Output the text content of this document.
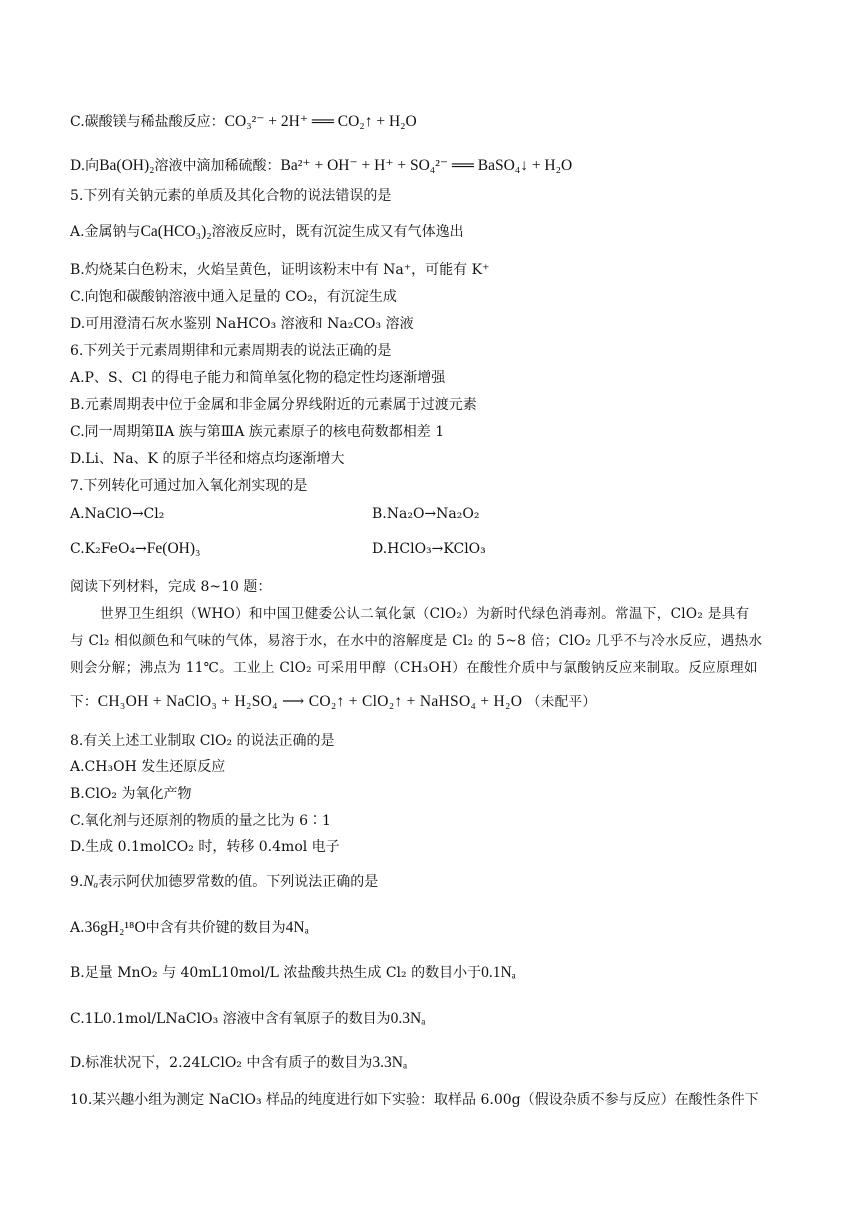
C.碳酸镁与稀盐酸反应：CO₃²⁻ + 2H⁺ ══ CO₂↑ + H₂O
D.向Ba(OH)₂溶液中滴加稀硫酸：Ba²⁺ + OH⁻ + H⁺ + SO₄²⁻ ══ BaSO₄↓ + H₂O
5.下列有关钠元素的单质及其化合物的说法错误的是
A.金属钠与Ca(HCO₃)₂溶液反应时，既有沉淀生成又有气体逸出
B.灼烧某白色粉末，火焰呈黄色，证明该粉末中有 Na⁺，可能有 K⁺
C.向饱和碳酸钠溶液中通入足量的 CO₂，有沉淀生成
D.可用澄清石灰水鉴别 NaHCO₃ 溶液和 Na₂CO₃ 溶液
6.下列关于元素周期律和元素周期表的说法正确的是
A.P、S、Cl 的得电子能力和简单氢化物的稳定性均逐渐增强
B.元素周期表中位于金属和非金属分界线附近的元素属于过渡元素
C.同一周期第ⅡA 族与第ⅢA 族元素原子的核电荷数都相差 1
D.Li、Na、K 的原子半径和熔点均逐渐增大
7.下列转化可通过加入氧化剂实现的是
A.NaClO→Cl₂	B.Na₂O→Na₂O₂
C.K₂FeO₄→Fe(OH)₃	D.HClO₃→KClO₃
阅读下列材料，完成 8~10 题：
世界卫生组织（WHO）和中国卫健委公认二氧化氯（ClO₂）为新时代绿色消毒剂。常温下，ClO₂ 是具有
与 Cl₂ 相似颜色和气味的气体，易溶于水，在水中的溶解度是 Cl₂ 的 5~8 倍；ClO₂ 几乎不与冷水反应，遇热水
则会分解；沸点为 11℃。工业上 ClO₂ 可采用甲醇（CH₃OH）在酸性介质中与氯酸钠反应来制取。反应原理如
下：CH₃OH + NaClO₃ + H₂SO₄ ⟶ CO₂↑ + ClO₂↑ + NaHSO₄ + H₂O （未配平）
8.有关上述工业制取 ClO₂ 的说法正确的是
A.CH₃OH 发生还原反应
B.ClO₂ 为氧化产物
C.氧化剂与还原剂的物质的量之比为 6∶1
D.生成 0.1molCO₂ 时，转移 0.4mol 电子
9.Nₐ表示阿伏加德罗常数的值。下列说法正确的是
A.36gH₂¹⁸O中含有共价键的数目为4Nₐ
B.足量 MnO₂ 与 40mL10mol/L 浓盐酸共热生成 Cl₂ 的数目小于0.1Nₐ
C.1L0.1mol/LNaClO₃ 溶液中含有氧原子的数目为0.3Nₐ
D.标准状况下，2.24LClO₂ 中含有质子的数目为3.3Nₐ
10.某兴趣小组为测定 NaClO₃ 样品的纯度进行如下实验：取样品 6.00g（假设杂质不参与反应）在酸性条件下
